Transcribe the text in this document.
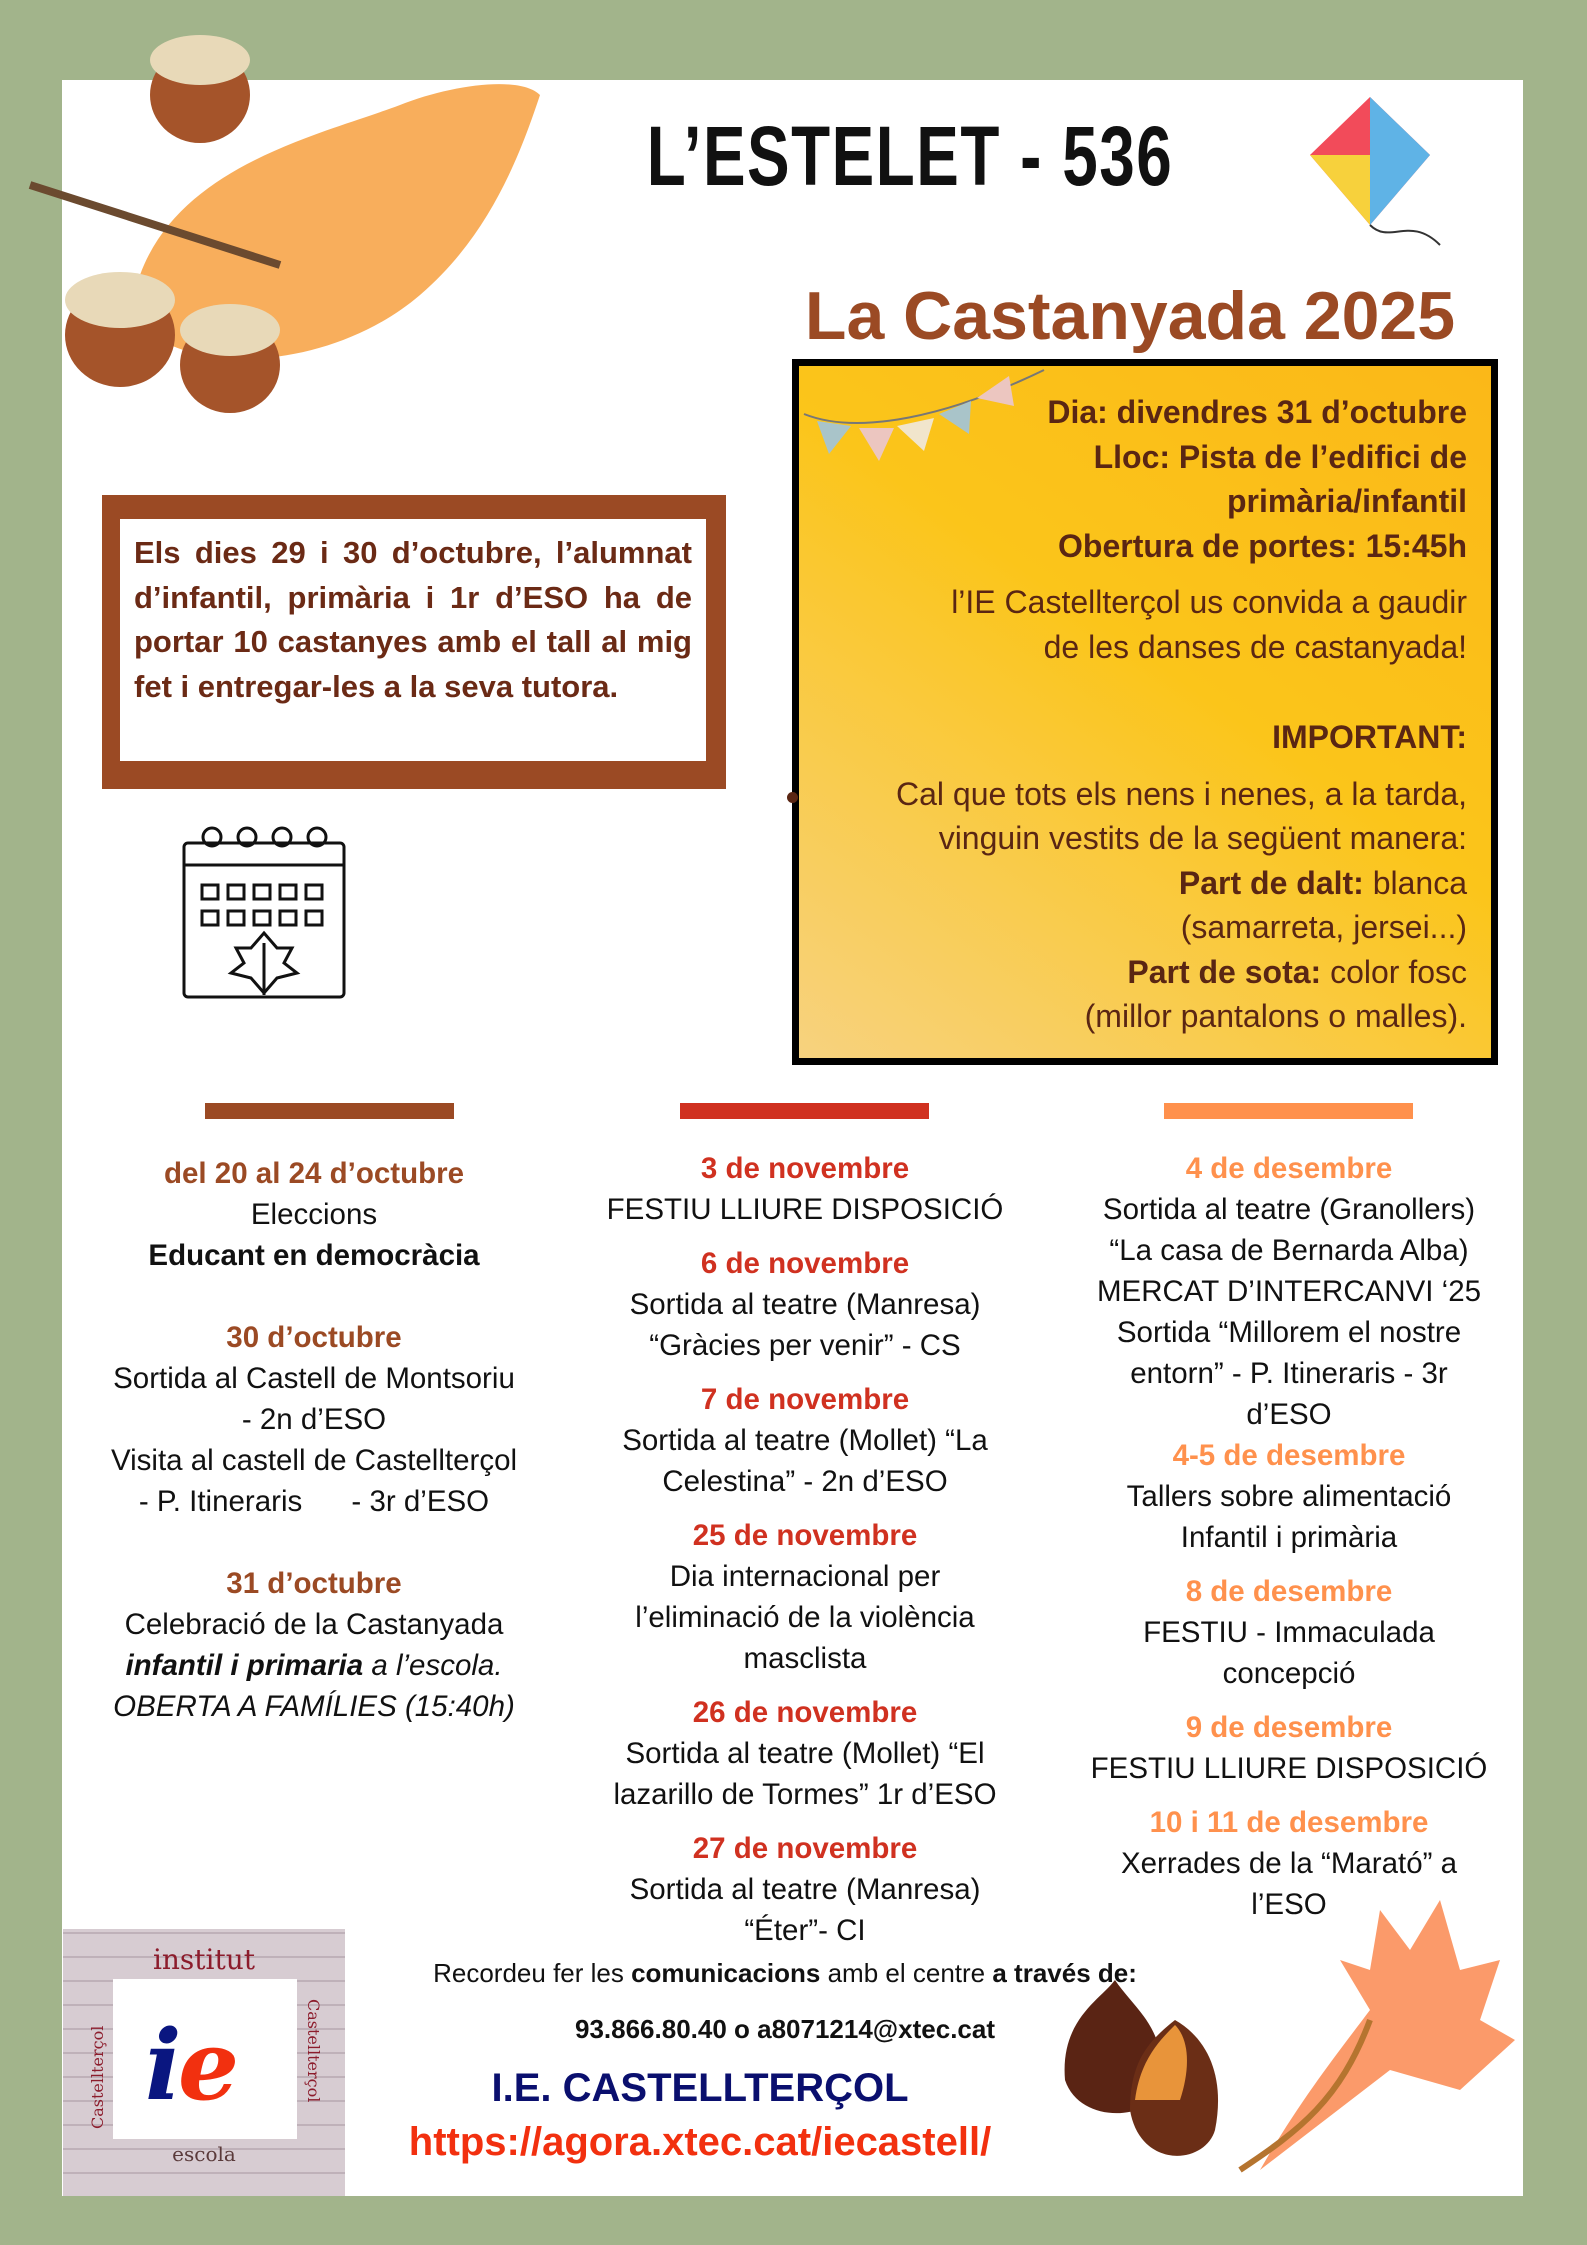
L’ESTELET - 536
La Castanyada 2025
Dia: divendres 31 d’octubre
Lloc: Pista de l’edifici de
primària/infantil
Obertura de portes: 15:45h
l’IE Castellterçol us convida a gaudir
de les danses de castanyada!
IMPORTANT:
Cal que tots els nens i nenes, a la tarda,
vinguin vestits de la següent manera:
Part de dalt: blanca
(samarreta, jersei...)
Part de sota: color fosc
(millor pantalons o malles).
Els dies 29 i 30 d’octubre, l’alumnat d’infantil, primària i 1r d’ESO ha de portar 10 castanyes amb el tall al mig fet i entregar-les a la seva tutora.
del 20 al 24 d’octubre
Eleccions
Educant en democràcia
30 d’octubre
Sortida al Castell de Montsoriu
- 2n d’ESO
Visita al castell de Castellterçol
- P. Itineraris      - 3r d’ESO
31 d’octubre
Celebració de la Castanyada
infantil i primaria a l’escola.
OBERTA A FAMÍLIES (15:40h)
3 de novembre
FESTIU LLIURE DISPOSICIÓ
6 de novembre
Sortida al teatre (Manresa)
“Gràcies per venir” - CS
7 de novembre
Sortida al teatre (Mollet) “La
Celestina” - 2n d’ESO
25 de novembre
Dia internacional per
l’eliminació de la violència
masclista
26 de novembre
Sortida al teatre (Mollet) “El
lazarillo de Tormes” 1r d’ESO
27 de novembre
Sortida al teatre (Manresa)
“Éter”- CI
4 de desembre
Sortida al teatre (Granollers)
“La casa de Bernarda Alba)
MERCAT D’INTERCANVI ‘25
Sortida “Millorem el nostre
entorn” - P. Itineraris - 3r
d’ESO
4-5 de desembre
Tallers sobre alimentació
Infantil i primària
8 de desembre
FESTIU - Immaculada
concepció
9 de desembre
FESTIU LLIURE DISPOSICIÓ
10 i 11 de desembre
Xerrades de la “Marató” a
l’ESO
institut
escola
Castellterçol	Castellterçol
i
e
Recordeu fer les comunicacions amb el centre a través de:
93.866.80.40 o a8071214@xtec.cat
I.E. CASTELLTERÇOL
https://agora.xtec.cat/iecastell/
